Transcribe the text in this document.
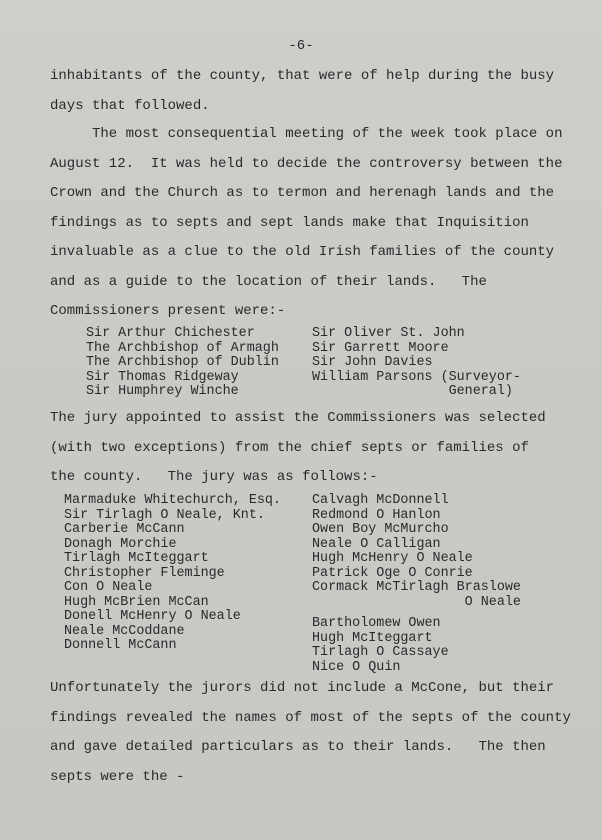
-6-
inhabitants of the county, that were of help during the busy
days that followed.
The most consequential meeting of the week took place on
August 12.  It was held to decide the controversy between the
Crown and the Church as to termon and herenagh lands and the
findings as to septs and sept lands make that Inquisition
invaluable as a clue to the old Irish families of the county
and as a guide to the location of their lands.   The
Commissioners present were:-
Sir Arthur Chichester
The Archbishop of Armagh
The Archbishop of Dublin
Sir Thomas Ridgeway
Sir Humphrey Winche
Sir Oliver St. John
Sir Garrett Moore
Sir John Davies
William Parsons (Surveyor-
General)
The jury appointed to assist the Commissioners was selected
(with two exceptions) from the chief septs or families of
the county.   The jury was as follows:-
Marmaduke Whitechurch, Esq.
Sir Tirlagh O Neale, Knt.
Carberie McCann
Donagh Morchie
Tirlagh McIteggart
Christopher Fleminge
Con O Neale
Hugh McBrien McCan
Donell McHenry O Neale
Neale McCoddane
Donnell McCann
Calvagh McDonnell
Redmond O Hanlon
Owen Boy McMurcho
Neale O Calligan
Hugh McHenry O Neale
Patrick Oge O Conrie
Cormack McTirlagh Braslowe
O Neale
Bartholomew Owen
Hugh McIteggart
Tirlagh O Cassaye
Nice O Quin
Unfortunately the jurors did not include a McCone, but their
findings revealed the names of most of the septs of the county
and gave detailed particulars as to their lands.   The then
septs were the -
